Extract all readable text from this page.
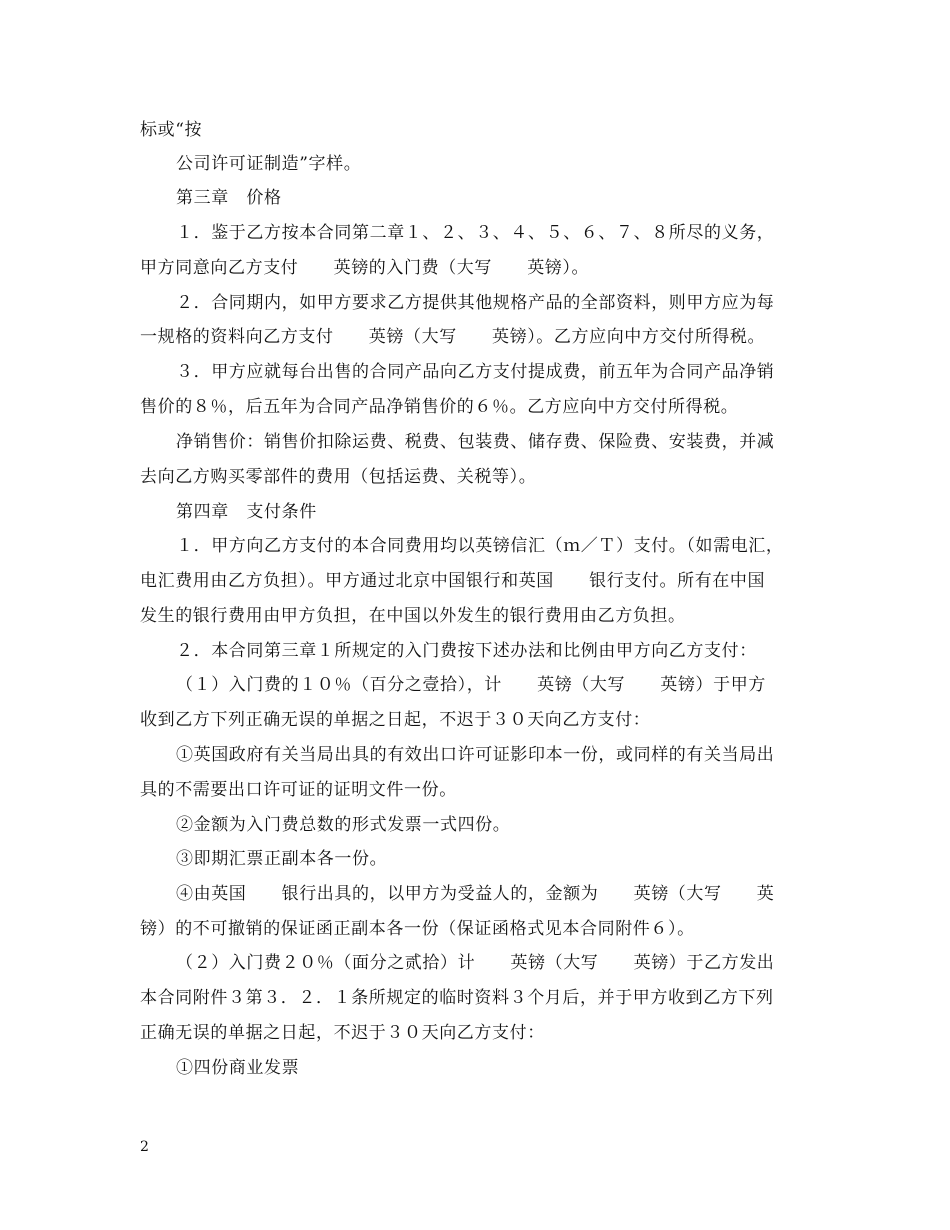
标或“按
公司许可证制造”字样。
第三章　价格
１．鉴于乙方按本合同第二章１、２、３、４、５、６、７、８所尽的义务，
甲方同意向乙方支付　　英镑的入门费（大写　　英镑）。
２．合同期内，如甲方要求乙方提供其他规格产品的全部资料，则甲方应为每
一规格的资料向乙方支付　　英镑（大写　　英镑）。乙方应向中方交付所得税。
３．甲方应就每台出售的合同产品向乙方支付提成费，前五年为合同产品净销
售价的８％，后五年为合同产品净销售价的６％。乙方应向中方交付所得税。
净销售价：销售价扣除运费、税费、包装费、储存费、保险费、安装费，并减
去向乙方购买零部件的费用（包括运费、关税等）。
第四章　支付条件
１．甲方向乙方支付的本合同费用均以英镑信汇（ｍ／Ｔ）支付。（如需电汇，
电汇费用由乙方负担）。甲方通过北京中国银行和英国　　银行支付。所有在中国
发生的银行费用由甲方负担，在中国以外发生的银行费用由乙方负担。
２．本合同第三章１所规定的入门费按下述办法和比例由甲方向乙方支付：
（１）入门费的１０％（百分之壹拾），计　　英镑（大写　　英镑）于甲方
收到乙方下列正确无误的单据之日起，不迟于３０天向乙方支付：
①英国政府有关当局出具的有效出口许可证影印本一份，或同样的有关当局出
具的不需要出口许可证的证明文件一份。
②金额为入门费总数的形式发票一式四份。
③即期汇票正副本各一份。
④由英国　　银行出具的，以甲方为受益人的，金额为　　英镑（大写　　英
镑）的不可撤销的保证函正副本各一份（保证函格式见本合同附件６）。
（２）入门费２０％（面分之贰拾）计　　英镑（大写　　英镑）于乙方发出
本合同附件３第３．２．１条所规定的临时资料３个月后，并于甲方收到乙方下列
正确无误的单据之日起，不迟于３０天向乙方支付：
①四份商业发票
2
